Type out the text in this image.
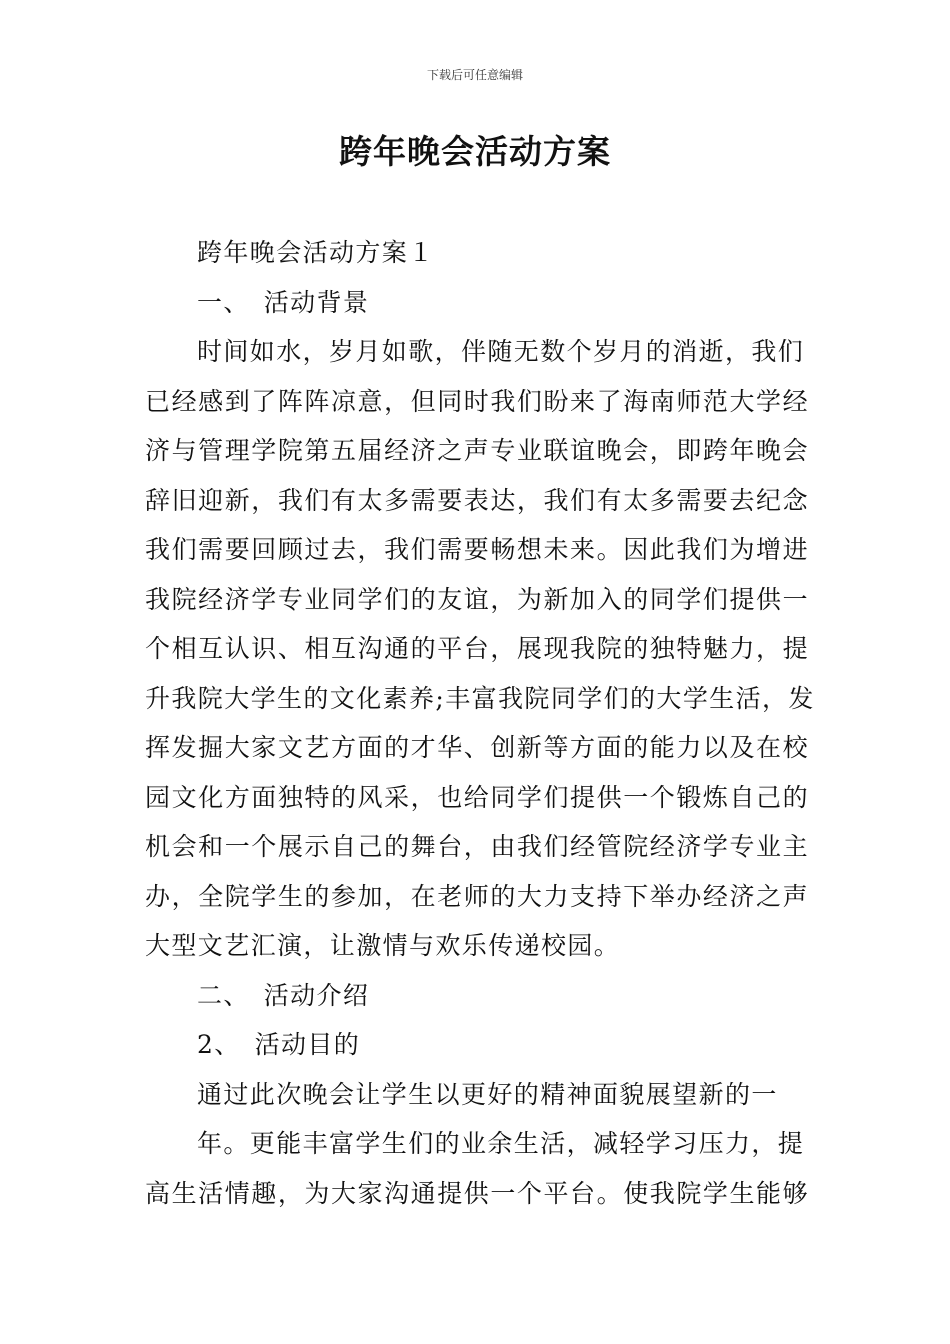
下载后可任意编辑
跨年晚会活动方案
跨年晚会活动方案１
一、　活动背景
时间如水，岁月如歌，伴随无数个岁月的消逝，我们
已经感到了阵阵凉意，但同时我们盼来了海南师范大学经
济与管理学院第五届经济之声专业联谊晚会，即跨年晚会
辞旧迎新，我们有太多需要表达，我们有太多需要去纪念
我们需要回顾过去，我们需要畅想未来。因此我们为增进
我院经济学专业同学们的友谊，为新加入的同学们提供一
个相互认识、相互沟通的平台，展现我院的独特魅力，提
升我院大学生的文化素养;丰富我院同学们的大学生活，发
挥发掘大家文艺方面的才华、创新等方面的能力以及在校
园文化方面独特的风采，也给同学们提供一个锻炼自己的
机会和一个展示自己的舞台，由我们经管院经济学专业主
办，全院学生的参加，在老师的大力支持下举办经济之声
大型文艺汇演，让激情与欢乐传递校园。
二、　活动介绍
2、　活动目的
通过此次晚会让学生以更好的精神面貌展望新的一
年。更能丰富学生们的业余生活，减轻学习压力，提
高生活情趣，为大家沟通提供一个平台。使我院学生能够
